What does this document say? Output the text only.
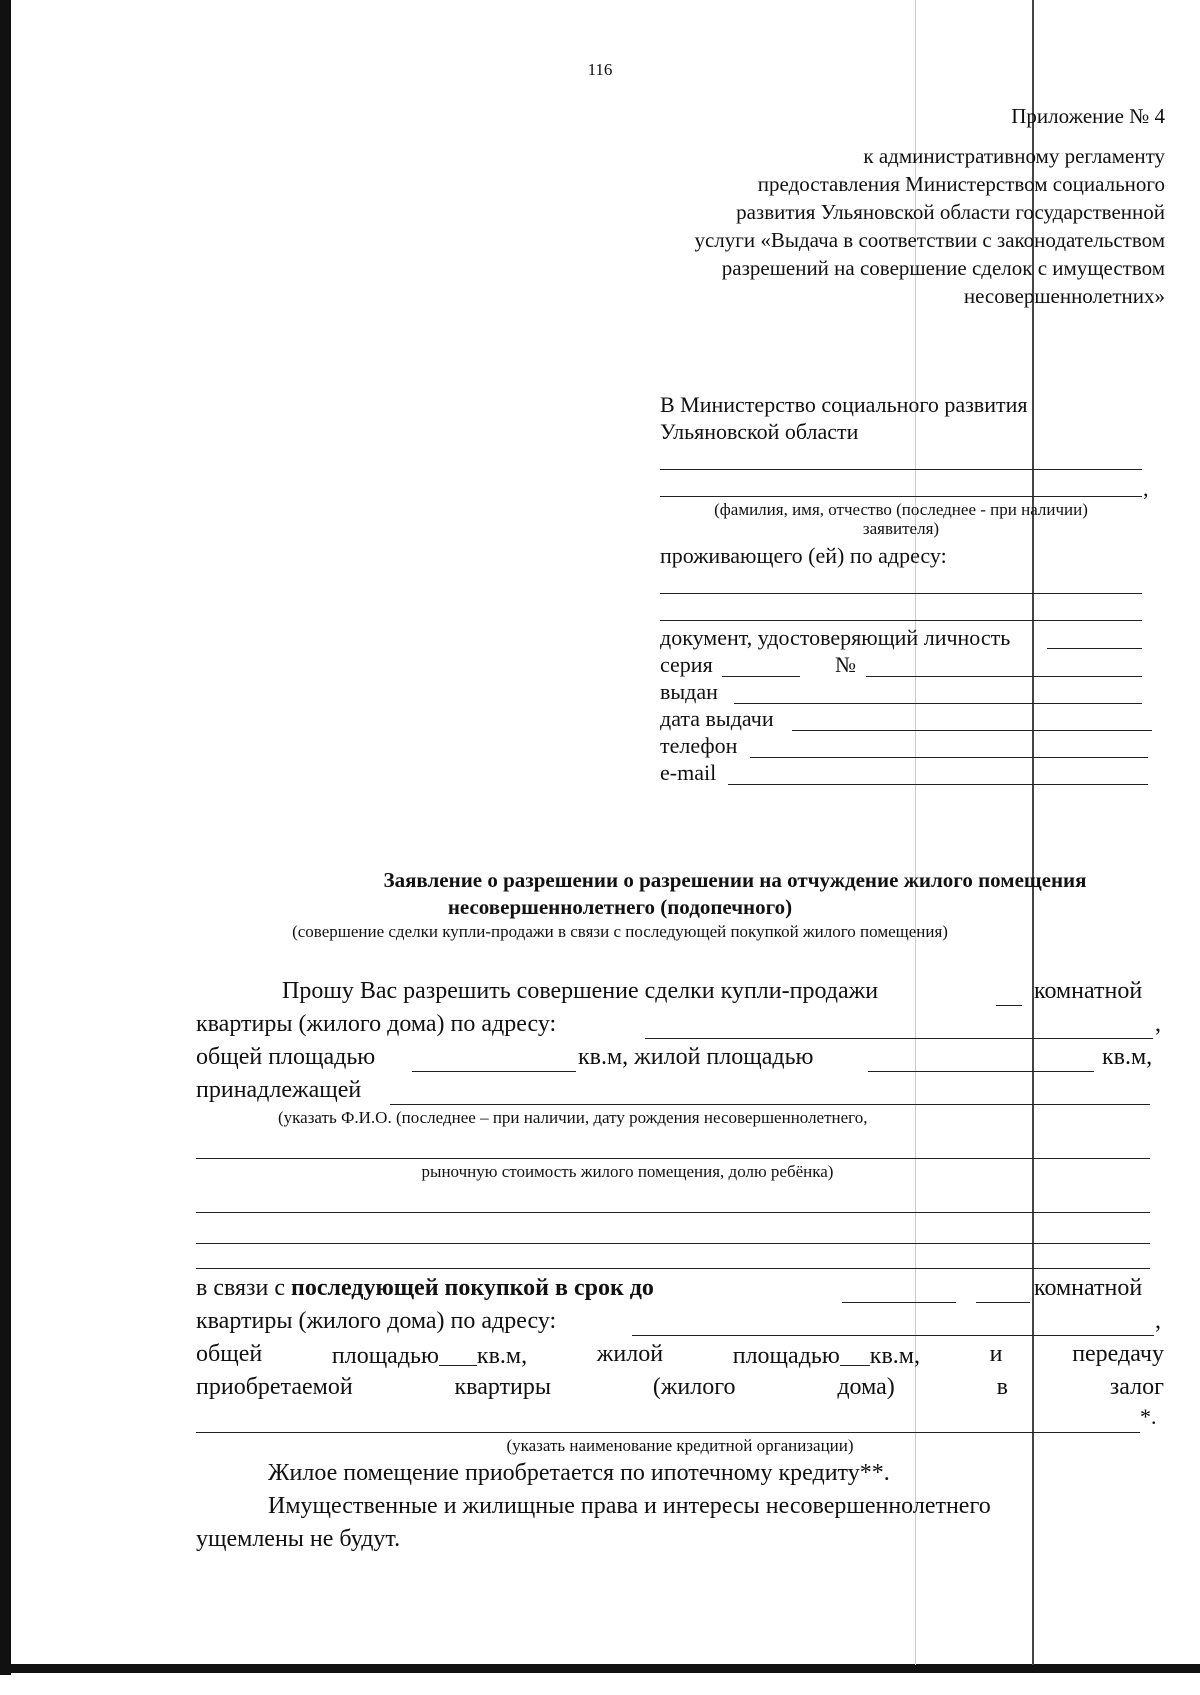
116
Приложение № 4
к административному регламенту
предоставления Министерством социального
развития Ульяновской области государственной
услуги «Выдача в соответствии с законодательством
разрешений на совершение сделок с имуществом
несовершеннолетних»
В Министерство социального развития
Ульяновской области
,
(фамилия, имя, отчество (последнее - при наличии)
заявителя)
проживающего (ей) по адресу:
документ, удостоверяющий личность
серия	№
выдан
дата выдачи
телефон
e-mail
Заявление о разрешении о разрешении на отчуждение жилого помещения
несовершеннолетнего (подопечного)
(совершение сделки купли-продажи в связи с последующей покупкой жилого помещения)
Прошу Вас разрешить совершение сделки купли-продажи	комнатной
квартиры (жилого дома) по адресу:	,
общей площадью	кв.м, жилой площадью	кв.м,
принадлежащей
(указать Ф.И.О. (последнее – при наличии, дату рождения несовершеннолетнего,
рыночную стоимость жилого помещения, долю ребёнка)
в связи с последующей покупкой в срок до	комнатной
квартиры (жилого дома) по адресу:	,
общей	площадью кв.м,	жилой	площадью кв.м,	и	передачу
приобретаемой	квартиры	(жилого	дома)	в	залог
*.
(указать наименование кредитной организации)
Жилое помещение приобретается по ипотечному кредиту**.
Имущественные и жилищные права и интересы несовершеннолетнего
ущемлены не будут.
